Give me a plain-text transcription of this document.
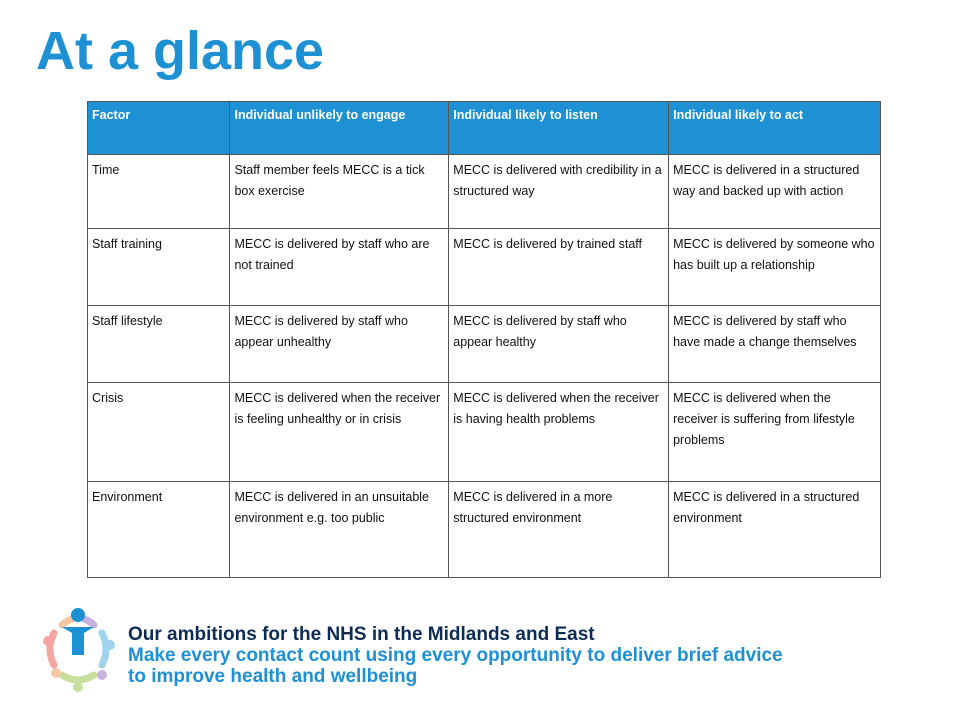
At a glance
Factor	Individual unlikely to engage	Individual likely to listen	Individual likely to act
Time	Staff member feels MECC is a tick box exercise	MECC is delivered with credibility in a structured way	MECC is delivered in a structured way and backed up with action
Staff training	MECC is delivered by staff who are not trained	MECC is delivered by trained staff	MECC is delivered by someone who has built up a relationship
Staff lifestyle	MECC is delivered by staff who appear unhealthy	MECC is delivered by staff who appear healthy	MECC is delivered by staff who have made a change themselves
Crisis	MECC is delivered when the receiver is feeling unhealthy or in crisis	MECC is delivered when the receiver is having health problems	MECC is delivered when the receiver is suffering from lifestyle problems
Environment	MECC is delivered in an unsuitable environment e.g. too public	MECC is delivered in a more structured environment	MECC is delivered in a structured environment
Our ambitions for the NHS in the Midlands and East
Make every contact count using every opportunity to deliver brief advice
to improve health and wellbeing
